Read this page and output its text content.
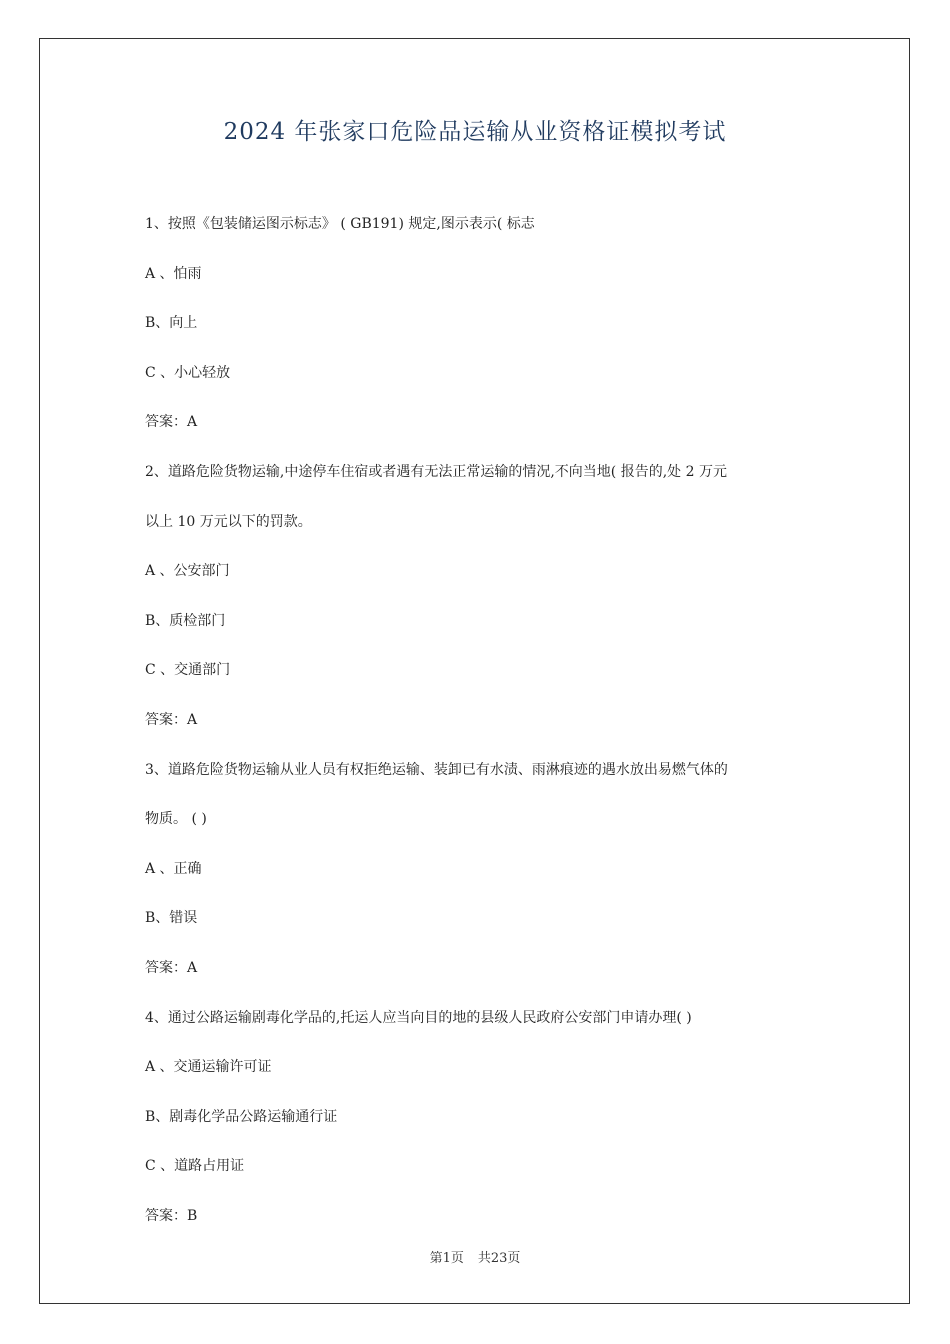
2024 年张家口危险品运输从业资格证模拟考试

1、按照《包装储运图示标志》 ( GB191) 规定,图示表示( 标志

A 、怕雨

B、向上

C 、小心轻放

答案：A

2、道路危险货物运输,中途停车住宿或者遇有无法正常运输的情况,不向当地( 报告的,处 2 万元

以上 10 万元以下的罚款。

A 、公安部门

B、质检部门

C 、交通部门

答案：A

3、道路危险货物运输从业人员有权拒绝运输、装卸已有水渍、雨淋痕迹的遇水放出易燃气体的

物质。 ( )

A 、正确

B、错误

答案：A

4、通过公路运输剧毒化学品的,托运人应当向目的地的县级人民政府公安部门申请办理( )

A 、交通运输许可证

B、剧毒化学品公路运输通行证

C 、道路占用证

答案：B

第1页 共23页
